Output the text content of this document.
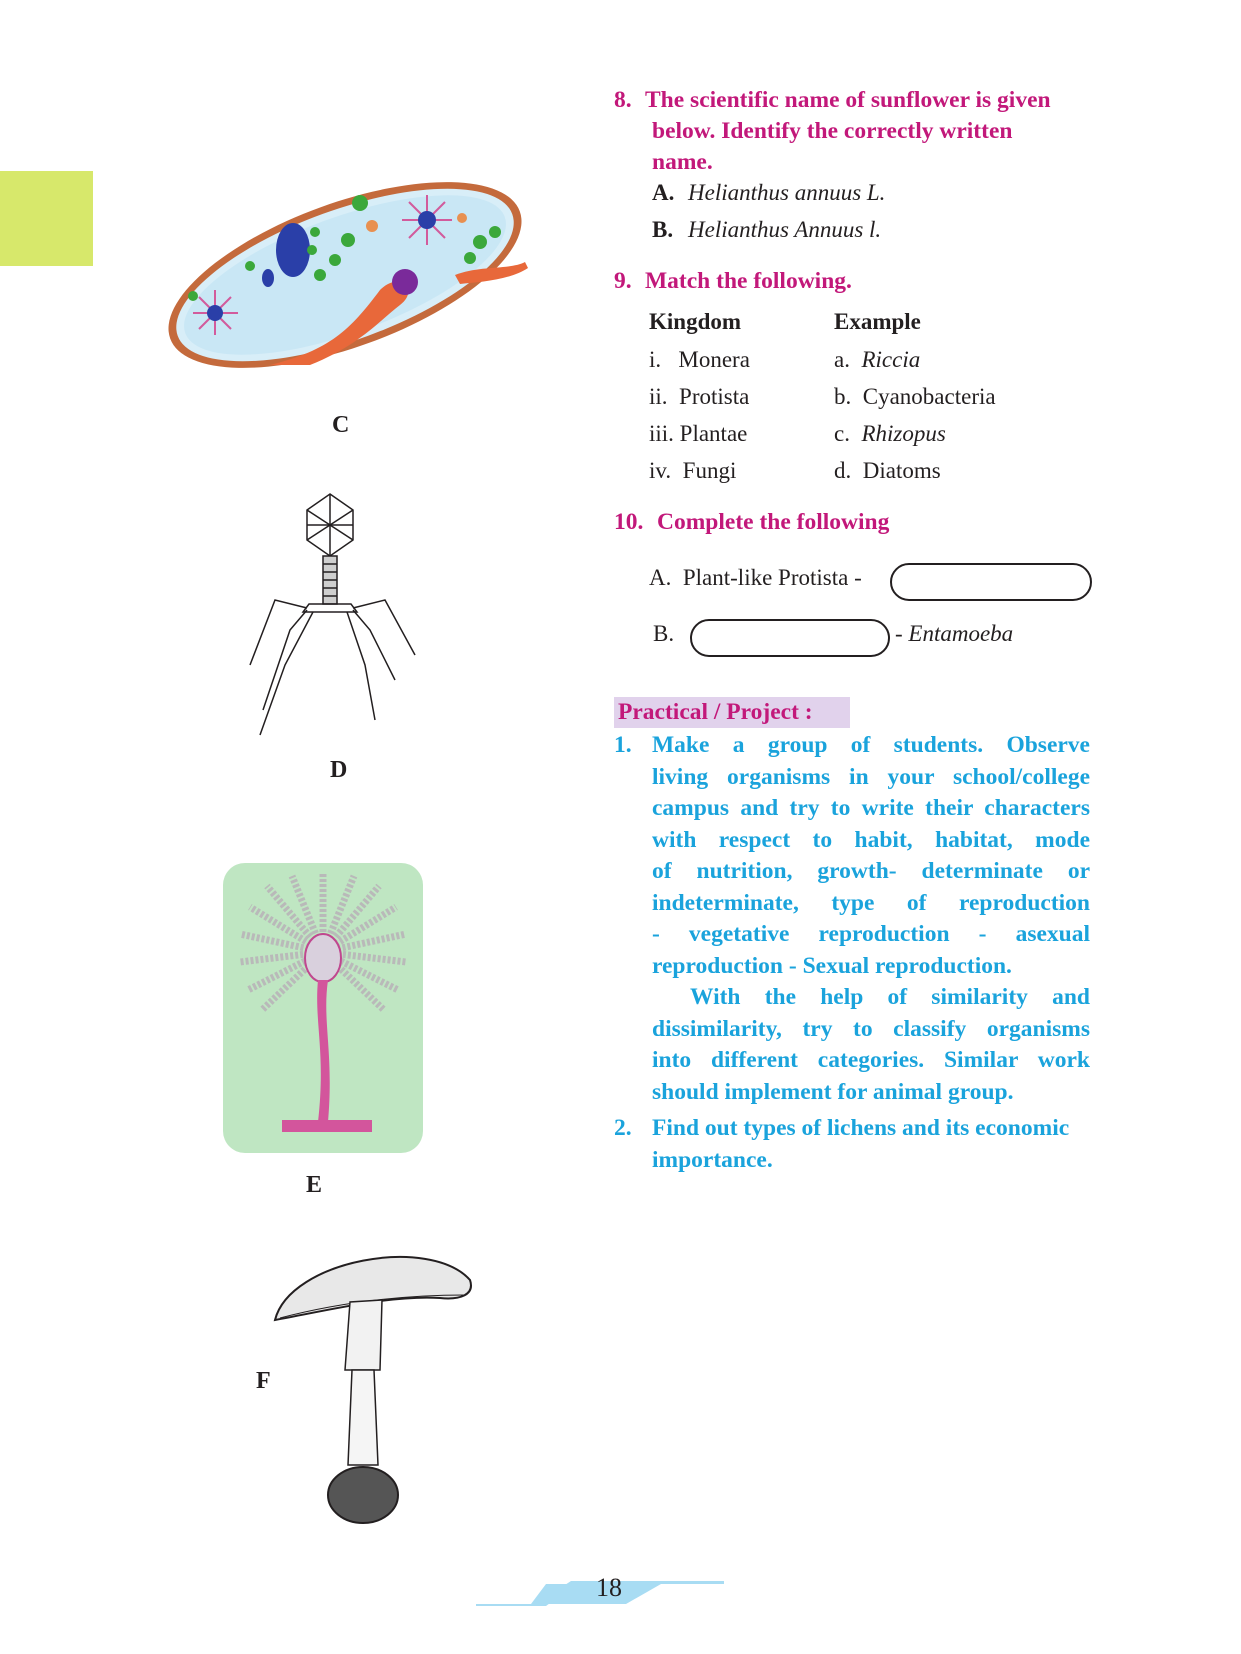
C
D
E
F
8. The scientific name of sunflower is given
below. Identify the correctly written
name.
A. Helianthus annuus L.
B. Helianthus Annuus l.
9. Match the following.
Kingdom	Example
i.   Monera
ii.  Protista
iii. Plantae
iv.  Fungi
a.  Riccia
b.  Cyanobacteria
c.  Rhizopus
d.  Diatoms
10. Complete the following
A.  Plant-like Protista -
B.	- Entamoeba
Practical / Project :
1. Make a group of students. Observe
living organisms in your school/college
campus and try to write their characters
with respect to habit, habitat, mode
of nutrition, growth- determinate or
indeterminate, type of reproduction
- vegetative reproduction - asexual
reproduction - Sexual reproduction.
With the help of similarity and
dissimilarity, try to classify organisms
into different categories. Similar work
should implement for animal group.
2. Find out types of lichens and its economic
importance.
18
